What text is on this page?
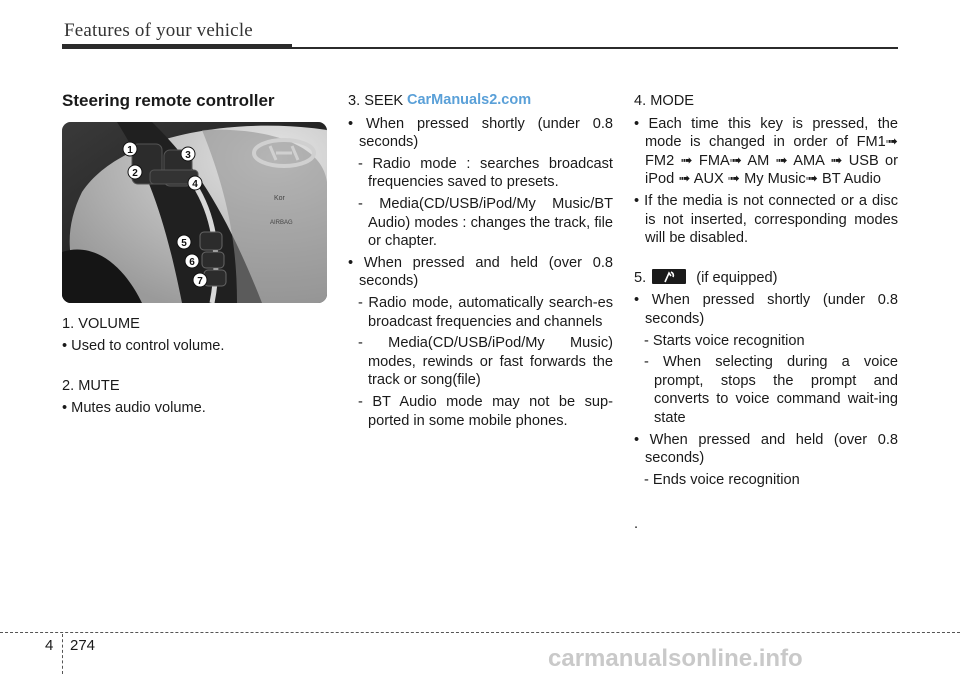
Features of your vehicle

Steering remote controller

Kor
AIRBAG
1
2
3
4
5
6
7

1. VOLUME

• Used to control volume.

2. MUTE

• Mutes audio volume.

3. SEEK

• When pressed shortly (under 0.8 seconds)

- Radio mode : searches broadcast frequencies saved to presets.

- Media(CD/USB/iPod/My Music/BT Audio) modes : changes the track, file or chapter.

• When pressed and held (over 0.8 seconds)

- Radio mode, automatically search-es broadcast frequencies and channels

- Media(CD/USB/iPod/My Music) modes, rewinds or fast forwards the track or song(file)

- BT Audio mode may not be sup-ported in some mobile phones.

CarManuals2.com	4. MODE

• Each time this key is pressed, the mode is changed in order of FM1➟ FM2 ➟ FMA➟ AM ➟ AMA ➟ USB or iPod ➟ AUX ➟ My Music➟ BT Audio

• If the media is not connected or a disc is not inserted, corresponding modes will be disabled.

5.	(if equipped)

• When pressed shortly (under 0.8 seconds)

- Starts voice recognition

- When selecting during a voice prompt, stops the prompt and converts to voice command wait-ing state

• When pressed and held (over 0.8 seconds)

- Ends voice recognition

.

4 274	carmanualsonline.info
